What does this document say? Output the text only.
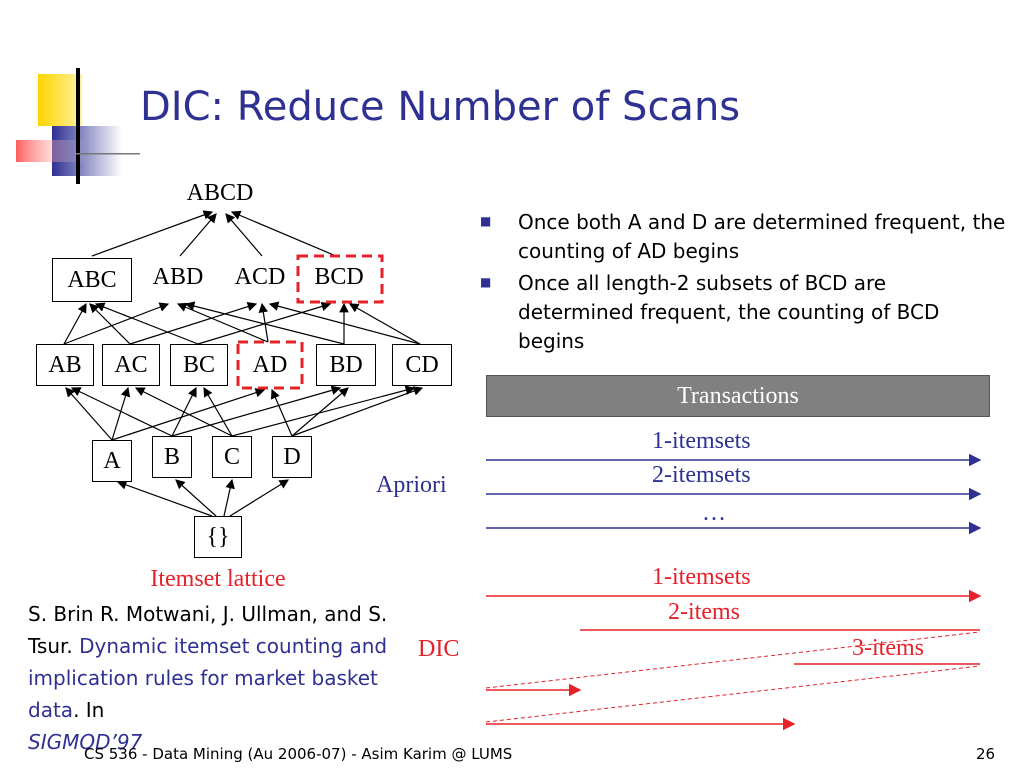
DIC: Reduce Number of Scans
ABCD
ABC	ABD	ACD	BCD
AB	AC	BC	AD	BD	CD
A	B	C	D
{}
Itemset lattice
■ Once both A and D are determined frequent, the counting of AD begins
■ Once all length-2 subsets of BCD are determined frequent, the counting of BCD begins
Transactions
1-itemsets
2-itemsets
…
Apriori
1-itemsets
2-items
3-items
DIC
S. Brin R. Motwani, J. Ullman, and S. Tsur. Dynamic itemset counting and implication rules for market basket data. In
SIGMOD’97
CS 536 - Data Mining (Au 2006-07) - Asim Karim @ LUMS	26
